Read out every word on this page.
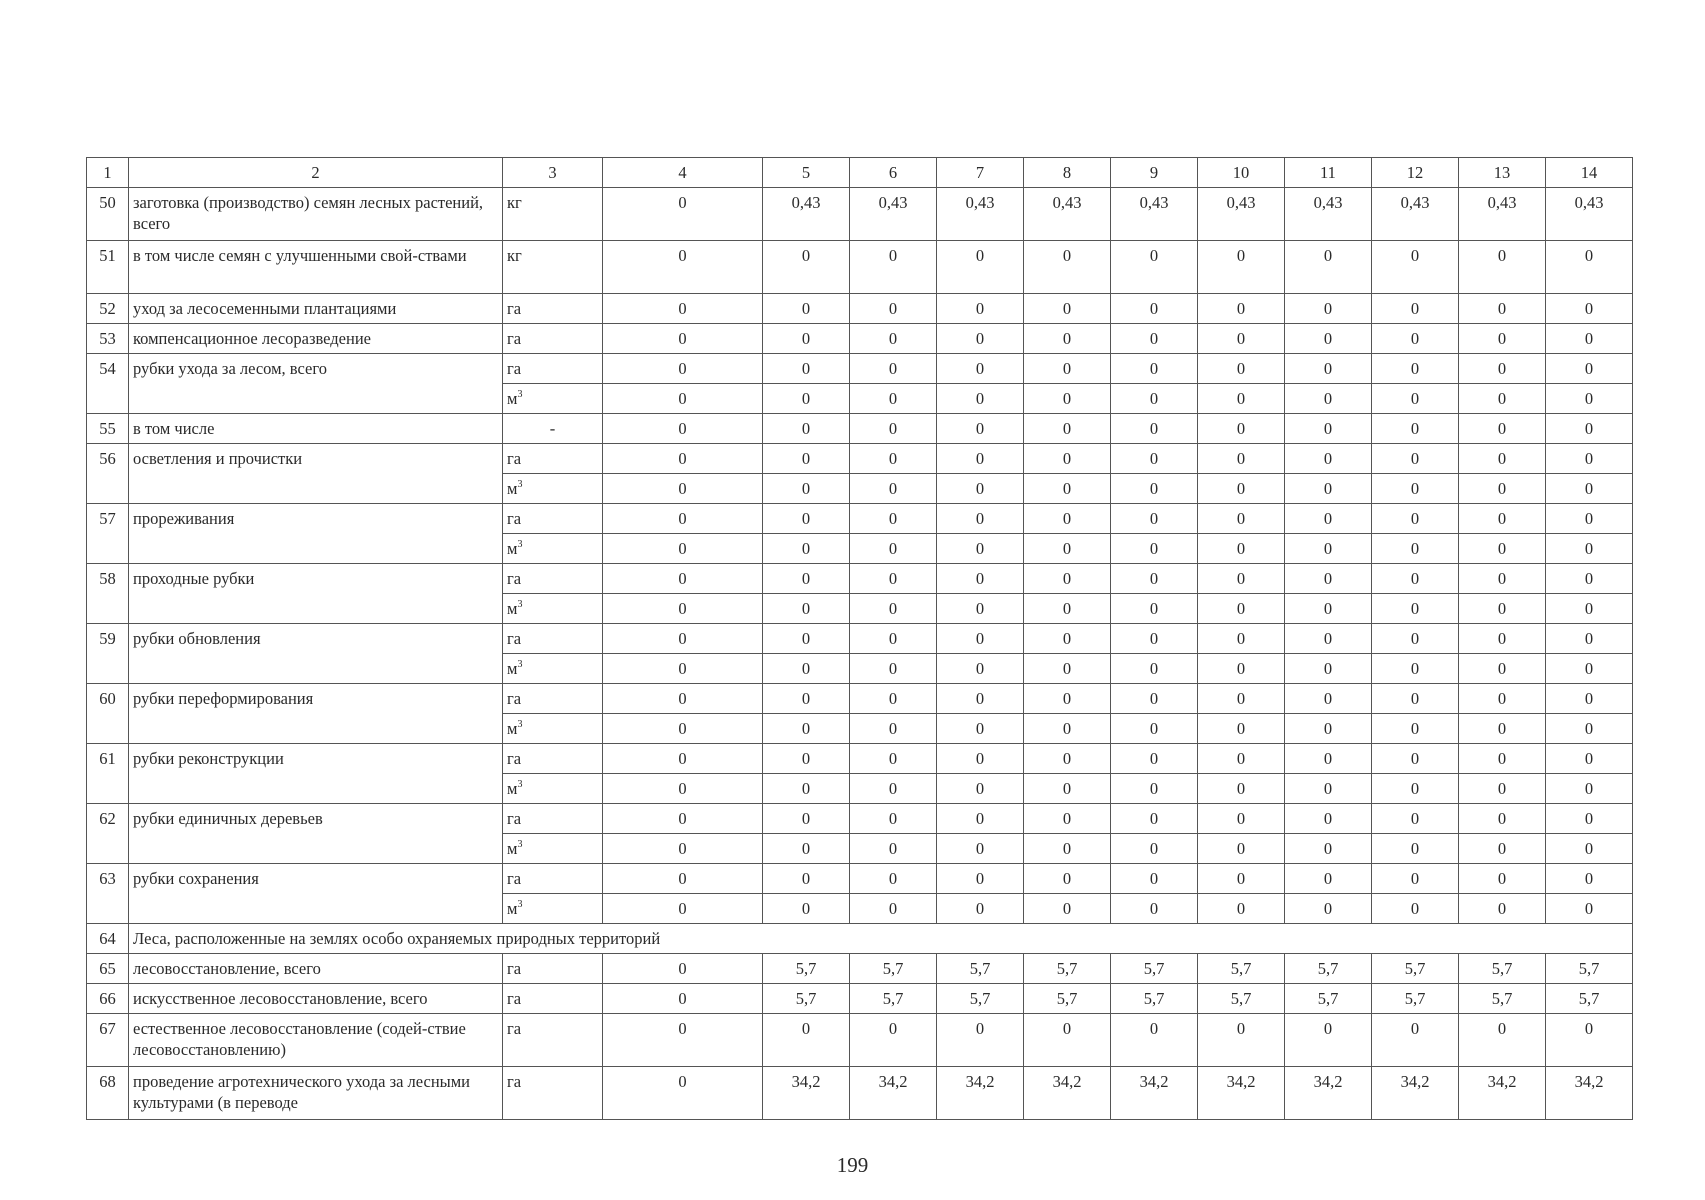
1	2	3	4	5	6	7	8	9	10	11	12	13	14
50	заготовка (производство) семян лесных растений, всего	кг	0	0,43	0,43	0,43	0,43	0,43	0,43	0,43	0,43	0,43	0,43
51	в том числе семян с улучшенными свой-ствами	кг	0	0	0	0	0	0	0	0	0	0	0
52	уход за лесосеменными плантациями	га	0	0	0	0	0	0	0	0	0	0	0
53	компенсационное лесоразведение	га	0	0	0	0	0	0	0	0	0	0	0
54	рубки ухода за лесом, всего	га	0	0	0	0	0	0	0	0	0	0	0
		$м^3$	0	0	0	0	0	0	0	0	0	0	0
55	в том числе	-	0	0	0	0	0	0	0	0	0	0	0
56	осветления и прочистки	га	0	0	0	0	0	0	0	0	0	0	0
		$м^3$	0	0	0	0	0	0	0	0	0	0	0
57	прореживания	га	0	0	0	0	0	0	0	0	0	0	0
		$м^3$	0	0	0	0	0	0	0	0	0	0	0
58	проходные рубки	га	0	0	0	0	0	0	0	0	0	0	0
		$м^3$	0	0	0	0	0	0	0	0	0	0	0
59	рубки обновления	га	0	0	0	0	0	0	0	0	0	0	0
		$м^3$	0	0	0	0	0	0	0	0	0	0	0
60	рубки переформирования	га	0	0	0	0	0	0	0	0	0	0	0
		$м^3$	0	0	0	0	0	0	0	0	0	0	0
61	рубки реконструкции	га	0	0	0	0	0	0	0	0	0	0	0
		$м^3$	0	0	0	0	0	0	0	0	0	0	0
62	рубки единичных деревьев	га	0	0	0	0	0	0	0	0	0	0	0
		$м^3$	0	0	0	0	0	0	0	0	0	0	0
63	рубки сохранения	га	0	0	0	0	0	0	0	0	0	0	0
		$м^3$	0	0	0	0	0	0	0	0	0	0	0
64	Леса, расположенные на землях особо охраняемых природных территорий												
65	лесовосстановление, всего	га	0	5,7	5,7	5,7	5,7	5,7	5,7	5,7	5,7	5,7	5,7
66	искусственное лесовосстановление, всего	га	0	5,7	5,7	5,7	5,7	5,7	5,7	5,7	5,7	5,7	5,7
67	естественное лесовосстановление (содей-ствие лесовосстановлению)	га	0	0	0	0	0	0	0	0	0	0	0
68	проведение агротехнического ухода за лесными культурами (в переводе	га	0	34,2	34,2	34,2	34,2	34,2	34,2	34,2	34,2	34,2	34,2
199
